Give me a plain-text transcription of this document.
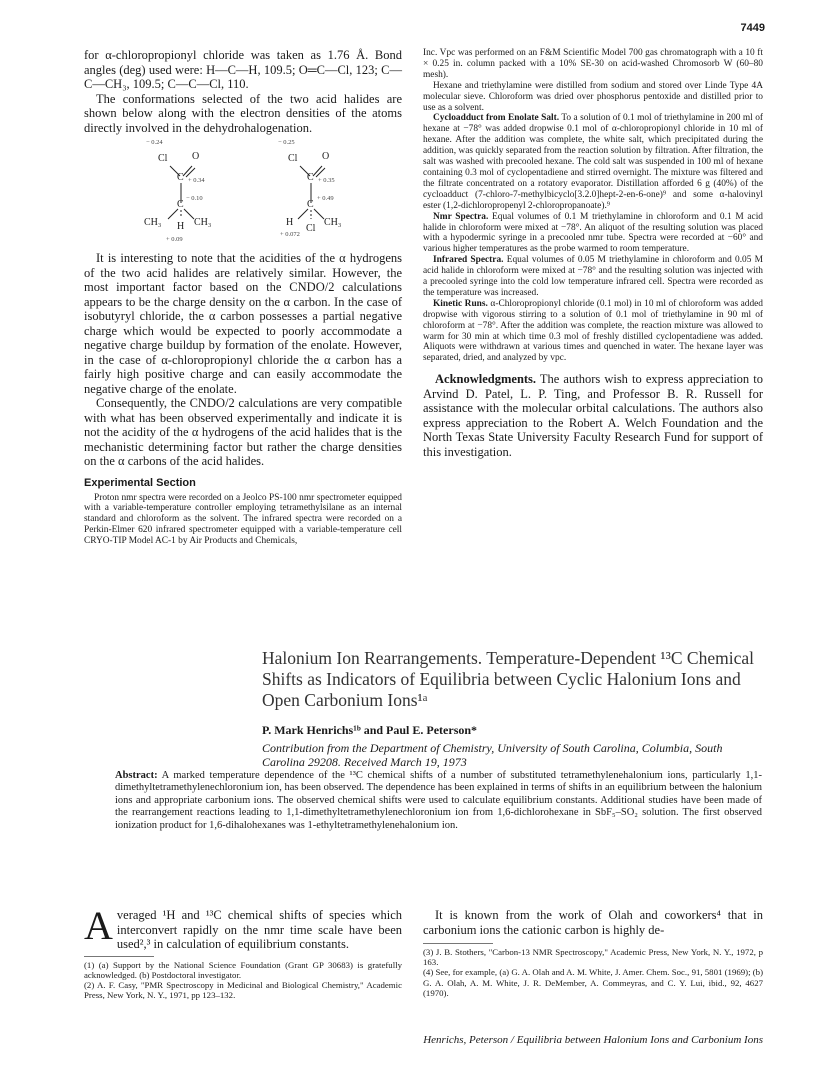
7449

for α-chloropropionyl chloride was taken as 1.76 Å. Bond angles (deg) used were: H—C—H, 109.5; O═C—Cl, 123; C—C—CH₃, 109.5; C—C—Cl, 110.

The conformations selected of the two acid halides are shown below along with the electron densities of the atoms directly involved in the dehydrohalogenation.

− 0.24
Cl O
C + 0.34
C
− 0.10
CH₃ H CH₃
+ 0.09
− 0.25
Cl O
C + 0.35
C
+ 0.49
H	CH₃
Cl
+ 0.072

It is interesting to note that the acidities of the α hydrogens of the two acid halides are relatively similar. However, the most important factor based on the CNDO/2 calculations appears to be the charge density on the α carbon. In the case of isobutyryl chloride, the α carbon possesses a partial negative charge which would be expected to poorly accommodate a negative charge buildup by formation of the enolate. However, in the case of α-chloropropionyl chloride the α carbon has a fairly high positive charge and can easily accommodate the negative charge of the enolate.

Consequently, the CNDO/2 calculations are very compatible with what has been observed experimentally and indicate it is not the acidity of the α hydrogens of the acid halides that is the mechanistic determining factor but rather the charge densities on the α carbons of the acid halides.

Experimental Section

Proton nmr spectra were recorded on a Jeolco PS-100 nmr spectrometer equipped with a variable-temperature controller employing tetramethylsilane as an internal standard and chloroform as the solvent. The infrared spectra were recorded on a Perkin-Elmer 620 infrared spectrometer equipped with a variable-temperature cell CRYO-TIP Model AC-1 by Air Products and Chemicals,

Inc. Vpc was performed on an F&M Scientific Model 700 gas chromatograph with a 10 ft × 0.25 in. column packed with a 10% SE-30 on acid-washed Chromosorb W (60–80 mesh).

Hexane and triethylamine were distilled from sodium and stored over Linde Type 4A molecular sieve. Chloroform was dried over phosphorus pentoxide and distilled prior to use as a solvent.

Cycloadduct from Enolate Salt. To a solution of 0.1 mol of triethylamine in 200 ml of hexane at −78° was added dropwise 0.1 mol of α-chloropropionyl chloride in 10 ml of hexane. After the addition was complete, the white salt, which precipitated during the addition, was quickly separated from the reaction solution by filtration. After filtration, the salt was washed with precooled hexane. The cold salt was suspended in 100 ml of hexane containing 0.3 mol of cyclopentadiene and stirred overnight. The mixture was filtered and the filtrate concentrated on a rotatory evaporator. Distillation afforded 6 g (40%) of the cycloadduct (7-chloro-7-methylbicyclo[3.2.0]hept-2-en-6-one)⁹ and some α-halovinyl ester (1,2-dichloropropenyl 2-chloropropanoate).⁹

Nmr Spectra. Equal volumes of 0.1 M triethylamine in chloroform and 0.1 M acid halide in chloroform were mixed at −78°. An aliquot of the resulting solution was placed with a hypodermic syringe in a precooled nmr tube. Spectra were recorded at −60° and various higher temperatures as the probe warmed to room temperature.

Infrared Spectra. Equal volumes of 0.05 M triethylamine in chloroform and 0.05 M acid halide in chloroform were mixed at −78° and the resulting solution was injected with a precooled syringe into the cold low temperature infrared cell. Spectra were recorded as the temperature was increased.

Kinetic Runs. α-Chloropropionyl chloride (0.1 mol) in 10 ml of chloroform was added dropwise with vigorous stirring to a solution of 0.1 mol of triethylamine in 90 ml of chloroform at −78°. After the addition was complete, the reaction mixture was allowed to warm for 30 min at which time 0.3 mol of freshly distilled cyclopentadiene was added. Aliquots were withdrawn at various times and quenched in water. The hexane layer was separated, dried, and analyzed by vpc.

Acknowledgments. The authors wish to express appreciation to Arvind D. Patel, L. P. Ting, and Professor B. R. Russell for assistance with the molecular orbital calculations. The authors also express appreciation to the Robert A. Welch Foundation and the North Texas State University Faculty Research Fund for support of this investigation.

Halonium Ion Rearrangements. Temperature-Dependent ¹³C Chemical Shifts as Indicators of Equilibria between Cyclic Halonium Ions and Open Carbonium Ions¹ᵃ

P. Mark Henrichs¹ᵇ and Paul E. Peterson*

Contribution from the Department of Chemistry, University of South Carolina, Columbia, South Carolina 29208. Received March 19, 1973

Abstract: A marked temperature dependence of the ¹³C chemical shifts of a number of substituted tetramethylenehalonium ions, particularly 1,1-dimethyltetramethylenechloronium ion, has been observed. The dependence has been explained in terms of shifts in an equilibrium between the halonium ions and appropriate carbonium ions. The observed chemical shifts were used to calculate equilibrium constants. Additional studies have been made of the rearrangement reactions leading to 1,1-dimethyltetramethylenechloronium ion from 1,6-dichlorohexane in SbF₅–SO₂ solution. The first observed ionization product for 1,6-dihalohexanes was 1-ethyltetramethylenehalonium ion.

Averaged ¹H and ¹³C chemical shifts of species which interconvert rapidly on the nmr time scale have been used²,³ in calculation of equilibrium constants.

(1) (a) Support by the National Science Foundation (Grant GP 30683) is gratefully acknowledged. (b) Postdoctoral investigator.

(2) A. F. Casy, "PMR Spectroscopy in Medicinal and Biological Chemistry," Academic Press, New York, N. Y., 1971, pp 123–132.

It is known from the work of Olah and coworkers⁴ that in carbonium ions the cationic carbon is highly de-

(3) J. B. Stothers, "Carbon-13 NMR Spectroscopy," Academic Press, New York, N. Y., 1972, p 163.

(4) See, for example, (a) G. A. Olah and A. M. White, J. Amer. Chem. Soc., 91, 5801 (1969); (b) G. A. Olah, A. M. White, J. R. DeMember, A. Commeyras, and C. Y. Lui, ibid., 92, 4627 (1970).

Henrichs, Peterson / Equilibria between Halonium Ions and Carbonium Ions
